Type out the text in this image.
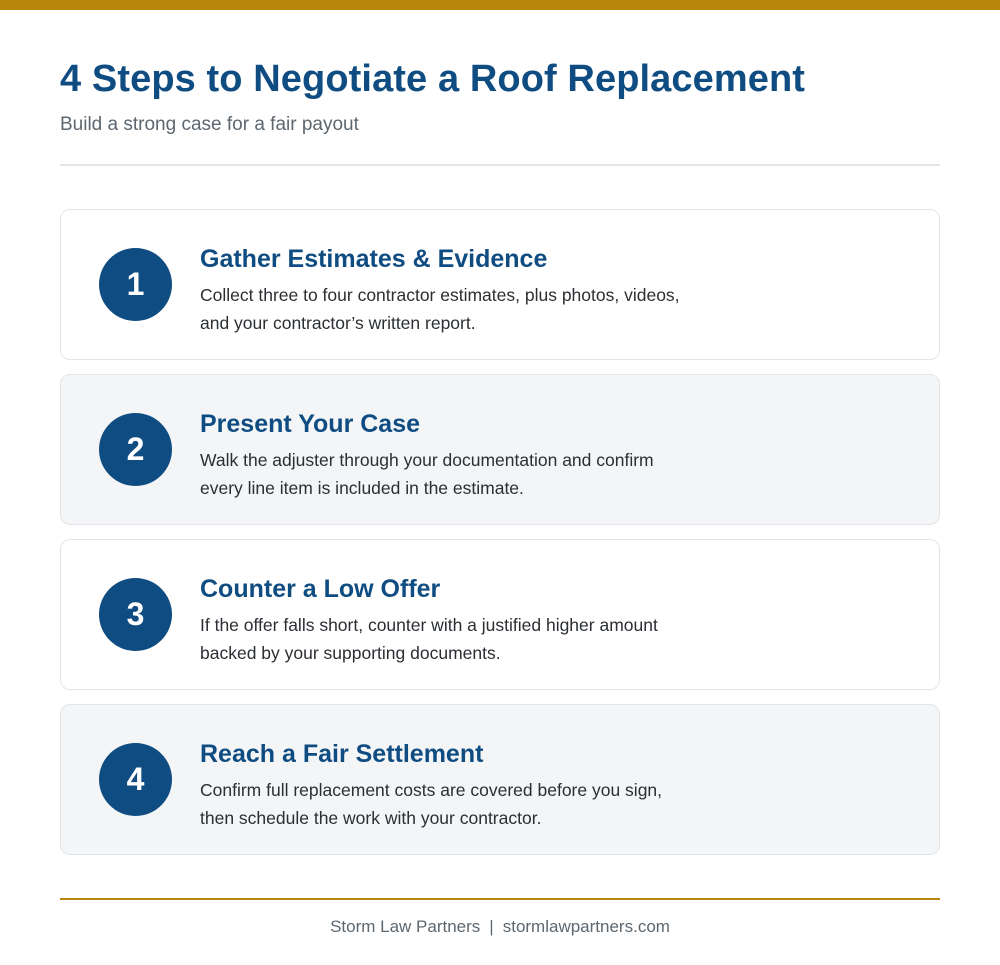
4 Steps to Negotiate a Roof Replacement
Build a strong case for a fair payout
1
Gather Estimates & Evidence
Collect three to four contractor estimates, plus photos, videos, and your contractor’s written report.
2
Present Your Case
Walk the adjuster through your documentation and confirm every line item is included in the estimate.
3
Counter a Low Offer
If the offer falls short, counter with a justified higher amount backed by your supporting documents.
4
Reach a Fair Settlement
Confirm full replacement costs are covered before you sign, then schedule the work with your contractor.
Storm Law Partners | stormlawpartners.com
